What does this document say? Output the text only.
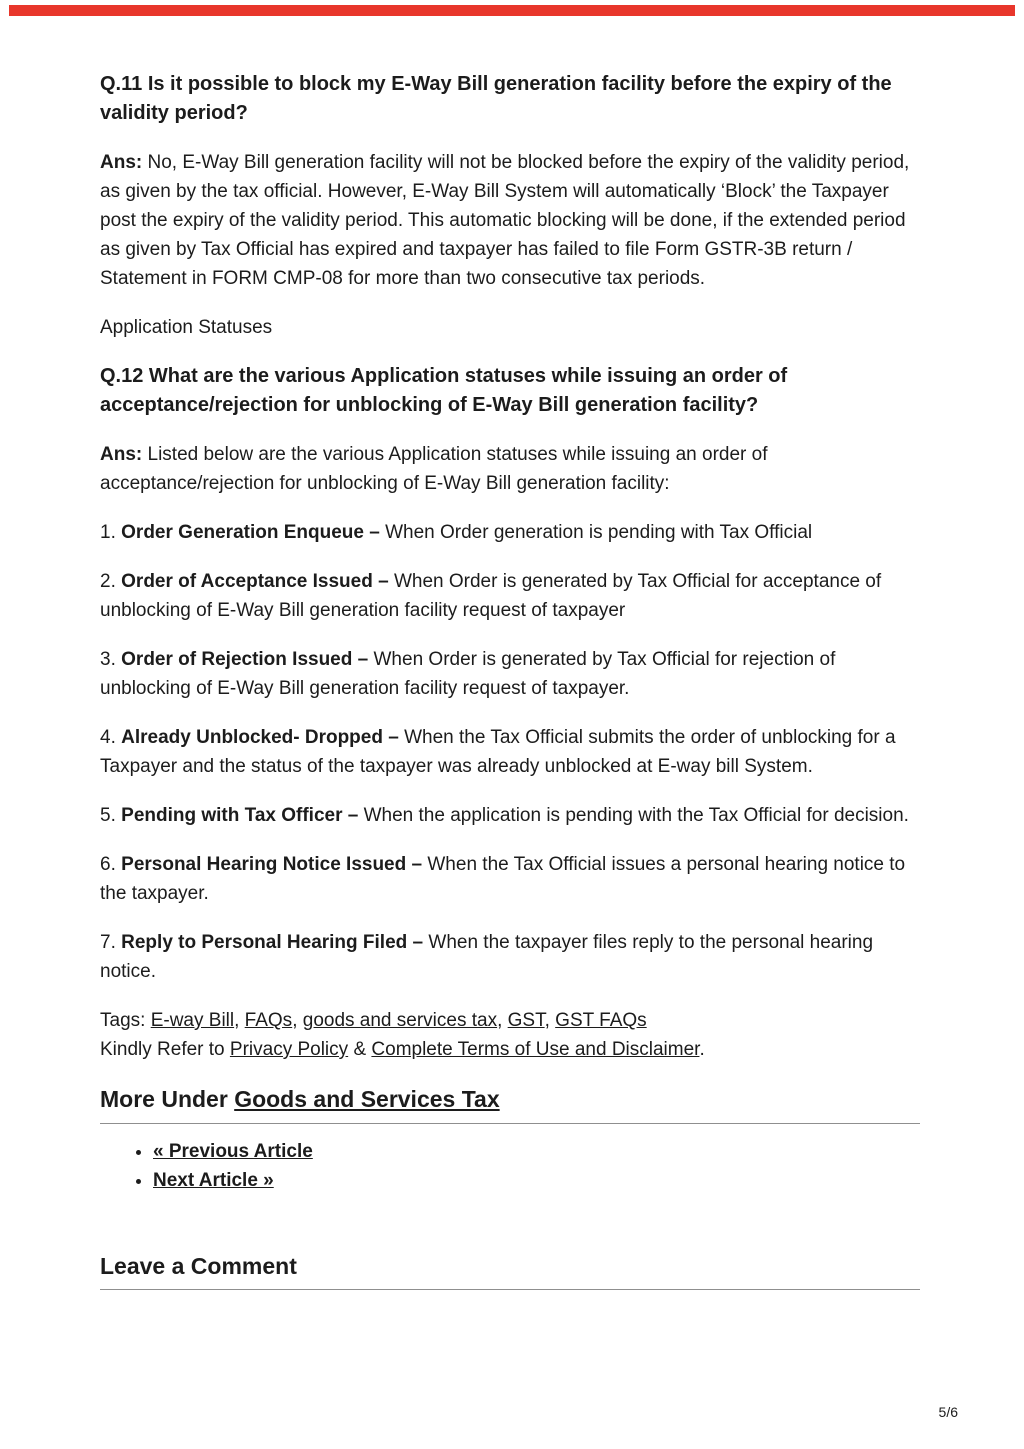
Q.11 Is it possible to block my E-Way Bill generation facility before the expiry of the validity period?

Ans: No, E-Way Bill generation facility will not be blocked before the expiry of the validity period, as given by the tax official. However, E-Way Bill System will automatically ‘Block’ the Taxpayer post the expiry of the validity period. This automatic blocking will be done, if the extended period as given by Tax Official has expired and taxpayer has failed to file Form GSTR-3B return / Statement in FORM CMP-08 for more than two consecutive tax periods.

Application Statuses

Q.12 What are the various Application statuses while issuing an order of acceptance/rejection for unblocking of E-Way Bill generation facility?

Ans: Listed below are the various Application statuses while issuing an order of acceptance/rejection for unblocking of E-Way Bill generation facility:

1. Order Generation Enqueue – When Order generation is pending with Tax Official

2. Order of Acceptance Issued – When Order is generated by Tax Official for acceptance of unblocking of E-Way Bill generation facility request of taxpayer

3. Order of Rejection Issued – When Order is generated by Tax Official for rejection of unblocking of E-Way Bill generation facility request of taxpayer.

4. Already Unblocked- Dropped – When the Tax Official submits the order of unblocking for a Taxpayer and the status of the taxpayer was already unblocked at E-way bill System.

5. Pending with Tax Officer – When the application is pending with the Tax Official for decision.

6. Personal Hearing Notice Issued – When the Tax Official issues a personal hearing notice to the taxpayer.

7. Reply to Personal Hearing Filed – When the taxpayer files reply to the personal hearing notice.

Tags: E-way Bill, FAQs, goods and services tax, GST, GST FAQs
Kindly Refer to Privacy Policy & Complete Terms of Use and Disclaimer.

More Under Goods and Services Tax
• « Previous Article
• Next Article »
Leave a Comment
5/6
